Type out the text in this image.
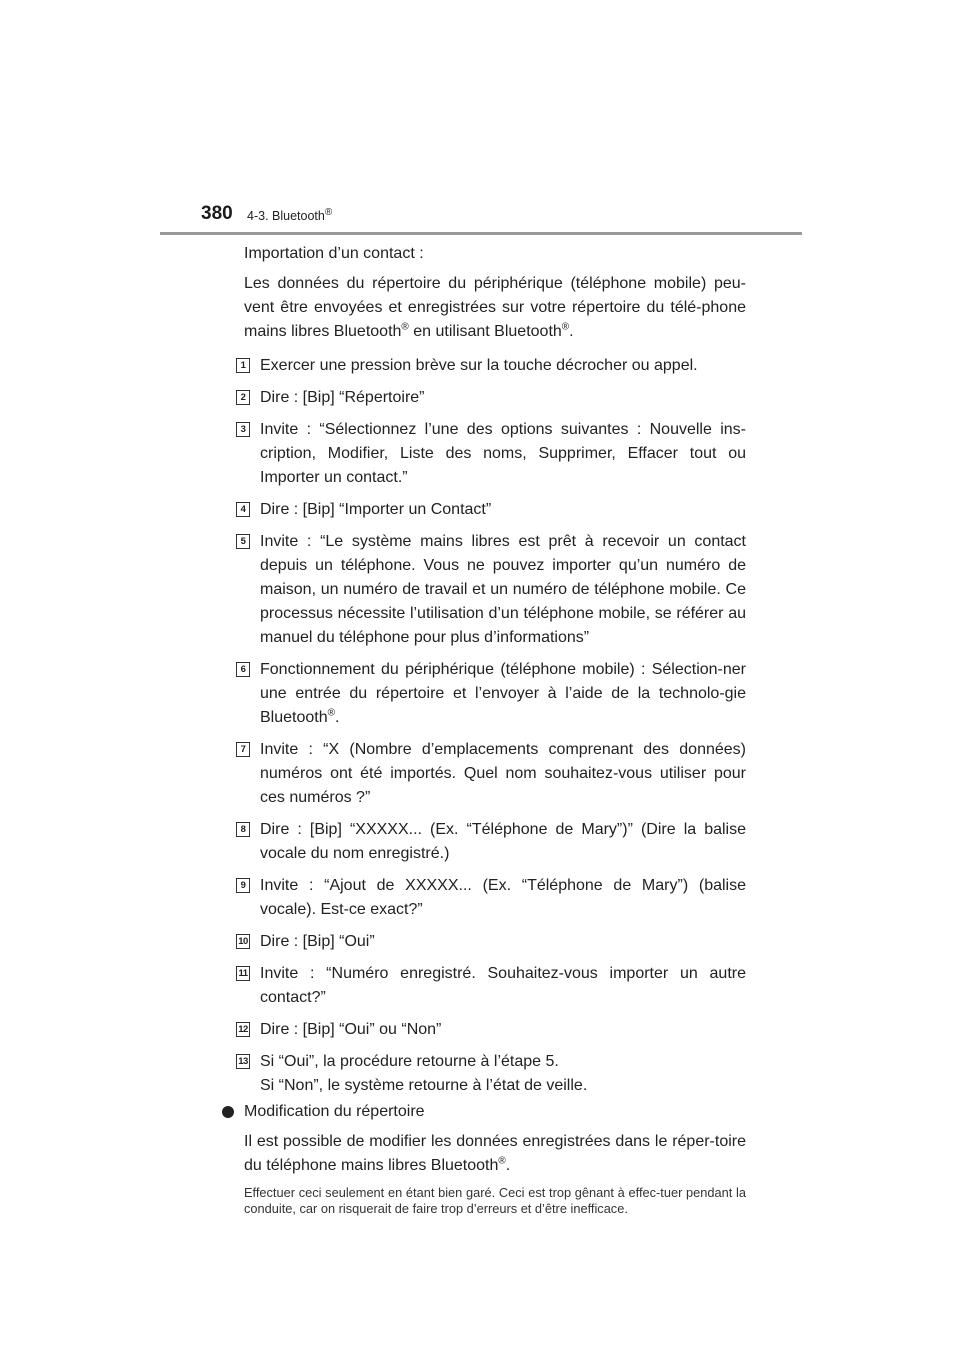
380 4-3. Bluetooth®

Importation d’un contact :

Les données du répertoire du périphérique (téléphone mobile) peu-vent être envoyées et enregistrées sur votre répertoire du télé-phone mains libres Bluetooth® en utilisant Bluetooth®.

1 Exercer une pression brève sur la touche décrocher ou appel.
2 Dire : [Bip] “Répertoire”
3 Invite : “Sélectionnez l’une des options suivantes : Nouvelle ins-cription, Modifier, Liste des noms, Supprimer, Effacer tout ou Importer un contact.”
4 Dire : [Bip] “Importer un Contact”
5 Invite : “Le système mains libres est prêt à recevoir un contact depuis un téléphone. Vous ne pouvez importer qu’un numéro de maison, un numéro de travail et un numéro de téléphone mobile. Ce processus nécessite l’utilisation d’un téléphone mobile, se référer au manuel du téléphone pour plus d’informations”
6 Fonctionnement du périphérique (téléphone mobile) : Sélection-ner une entrée du répertoire et l’envoyer à l’aide de la technolo-gie Bluetooth®.
7 Invite : “X (Nombre d’emplacements comprenant des données) numéros ont été importés. Quel nom souhaitez-vous utiliser pour ces numéros ?”
8 Dire : [Bip] “XXXXX... (Ex. “Téléphone de Mary”)” (Dire la balise vocale du nom enregistré.)
9 Invite : “Ajout de XXXXX... (Ex. “Téléphone de Mary”) (balise vocale). Est-ce exact?”
10 Dire : [Bip] “Oui”
11 Invite : “Numéro enregistré. Souhaitez-vous importer un autre contact?”
12 Dire : [Bip] “Oui” ou “Non”
13 Si “Oui”, la procédure retourne à l’étape 5.
Si “Non”, le système retourne à l’état de veille.

Modification du répertoire

Il est possible de modifier les données enregistrées dans le réper-toire du téléphone mains libres Bluetooth®.

Effectuer ceci seulement en étant bien garé. Ceci est trop gênant à effec-tuer pendant la conduite, car on risquerait de faire trop d’erreurs et d’être inefficace.
